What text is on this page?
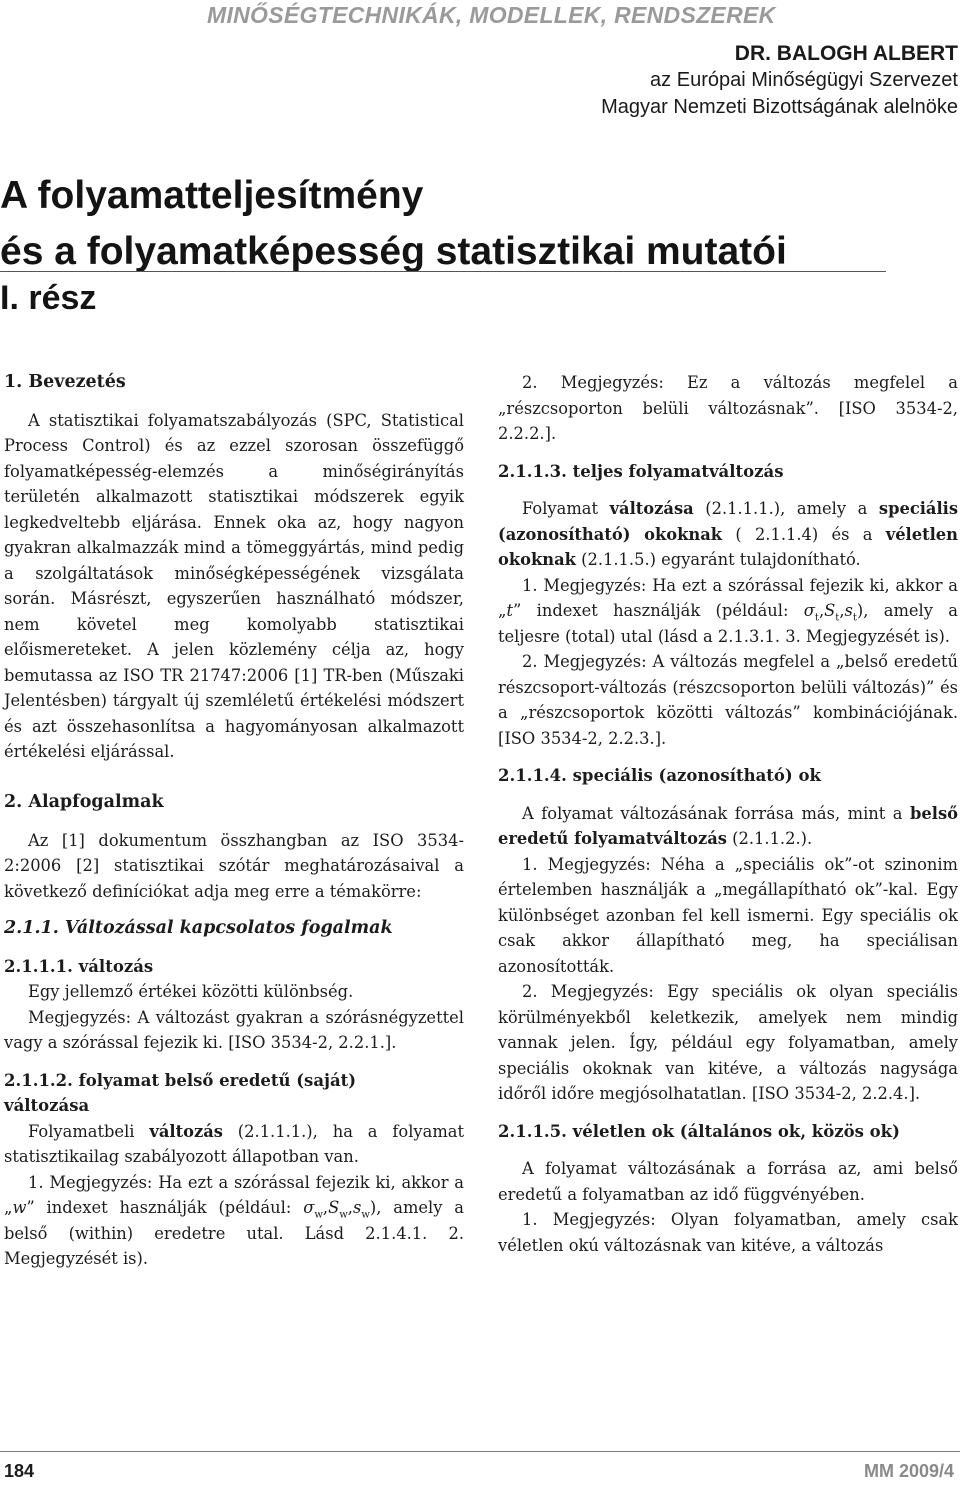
MINŐSÉGTECHNIKÁK, MODELLEK, RENDSZEREK
DR. BALOGH ALBERT
az Európai Minőségügyi Szervezet
Magyar Nemzeti Bizottságának alelnöke
A folyamatteljesítmény
és a folyamatképesség statisztikai mutatói
I. rész
1. Bevezetés

A statisztikai folyamatszabályozás (SPC, Statistical Process Control) és az ezzel szorosan összefüggő folyamatképesség-elemzés a minőségirányítás területén alkalmazott statisztikai módszerek egyik legkedveltebb eljárása. Ennek oka az, hogy nagyon gyakran alkalmazzák mind a tömeggyártás, mind pedig a szolgáltatások minőségképességének vizsgálata során. Másrészt, egyszerűen használható módszer, nem követel meg komolyabb statisztikai előismereteket. A jelen közlemény célja az, hogy bemutassa az ISO TR 21747:2006 [1] TR-ben (Műszaki Jelentésben) tárgyalt új szemléletű értékelési módszert és azt összehasonlítsa a hagyományosan alkalmazott értékelési eljárással.

2. Alapfogalmak

Az [1] dokumentum összhangban az ISO 3534-2:2006 [2] statisztikai szótár meghatározásaival a következő definíciókat adja meg erre a témakörre:

2.1.1. Változással kapcsolatos fogalmak
2.1.1.1. változás

Egy jellemző értékei közötti különbség.

Megjegyzés: A változást gyakran a szórásnégyzettel vagy a szórással fejezik ki. [ISO 3534-2, 2.2.1.].

2.1.1.2. folyamat belső eredetű (saját)
változása

Folyamatbeli változás (2.1.1.1.), ha a folyamat statisztikailag szabályozott állapotban van.

1. Megjegyzés: Ha ezt a szórással fejezik ki, akkor a „w” indexet használják (például: $\sigma_w,S_w,s_w$), amely a belső (within) eredetre utal. Lásd 2.1.4.1. 2. Megjegyzését is).

2. Megjegyzés: Ez a változás megfelel a „részcsoporton belüli változásnak”. [ISO 3534-2, 2.2.2.].

2.1.1.3. teljes folyamatváltozás

Folyamat változása (2.1.1.1.), amely a speciális (azonosítható) okoknak ( 2.1.1.4) és a véletlen okoknak (2.1.1.5.) egyaránt tulajdonítható.

1. Megjegyzés: Ha ezt a szórással fejezik ki, akkor a „t” indexet használják (például: $\sigma_t,S_t,s_t$), amely a teljesre (total) utal (lásd a 2.1.3.1. 3. Megjegyzését is).

2. Megjegyzés: A változás megfelel a „belső eredetű részcsoport-változás (részcsoporton belüli változás)” és a „részcsoportok közötti változás” kombinációjának. [ISO 3534-2, 2.2.3.].

2.1.1.4. speciális (azonosítható) ok

A folyamat változásának forrása más, mint a belső eredetű folyamatváltozás (2.1.1.2.).

1. Megjegyzés: Néha a „speciális ok”-ot szinonim értelemben használják a „megállapítható ok”-kal. Egy különbséget azonban fel kell ismerni. Egy speciális ok csak akkor állapítható meg, ha speciálisan azonosították.

2. Megjegyzés: Egy speciális ok olyan speciális körülményekből keletkezik, amelyek nem mindig vannak jelen. Így, például egy folyamatban, amely speciális okoknak van kitéve, a változás nagysága időről időre megjósolhatatlan. [ISO 3534-2, 2.2.4.].

2.1.1.5. véletlen ok (általános ok, közös ok)

A folyamat változásának a forrása az, ami belső eredetű a folyamatban az idő függvényében.

1. Megjegyzés: Olyan folyamatban, amely csak véletlen okú változásnak van kitéve, a változás

184	MM 2009/4
